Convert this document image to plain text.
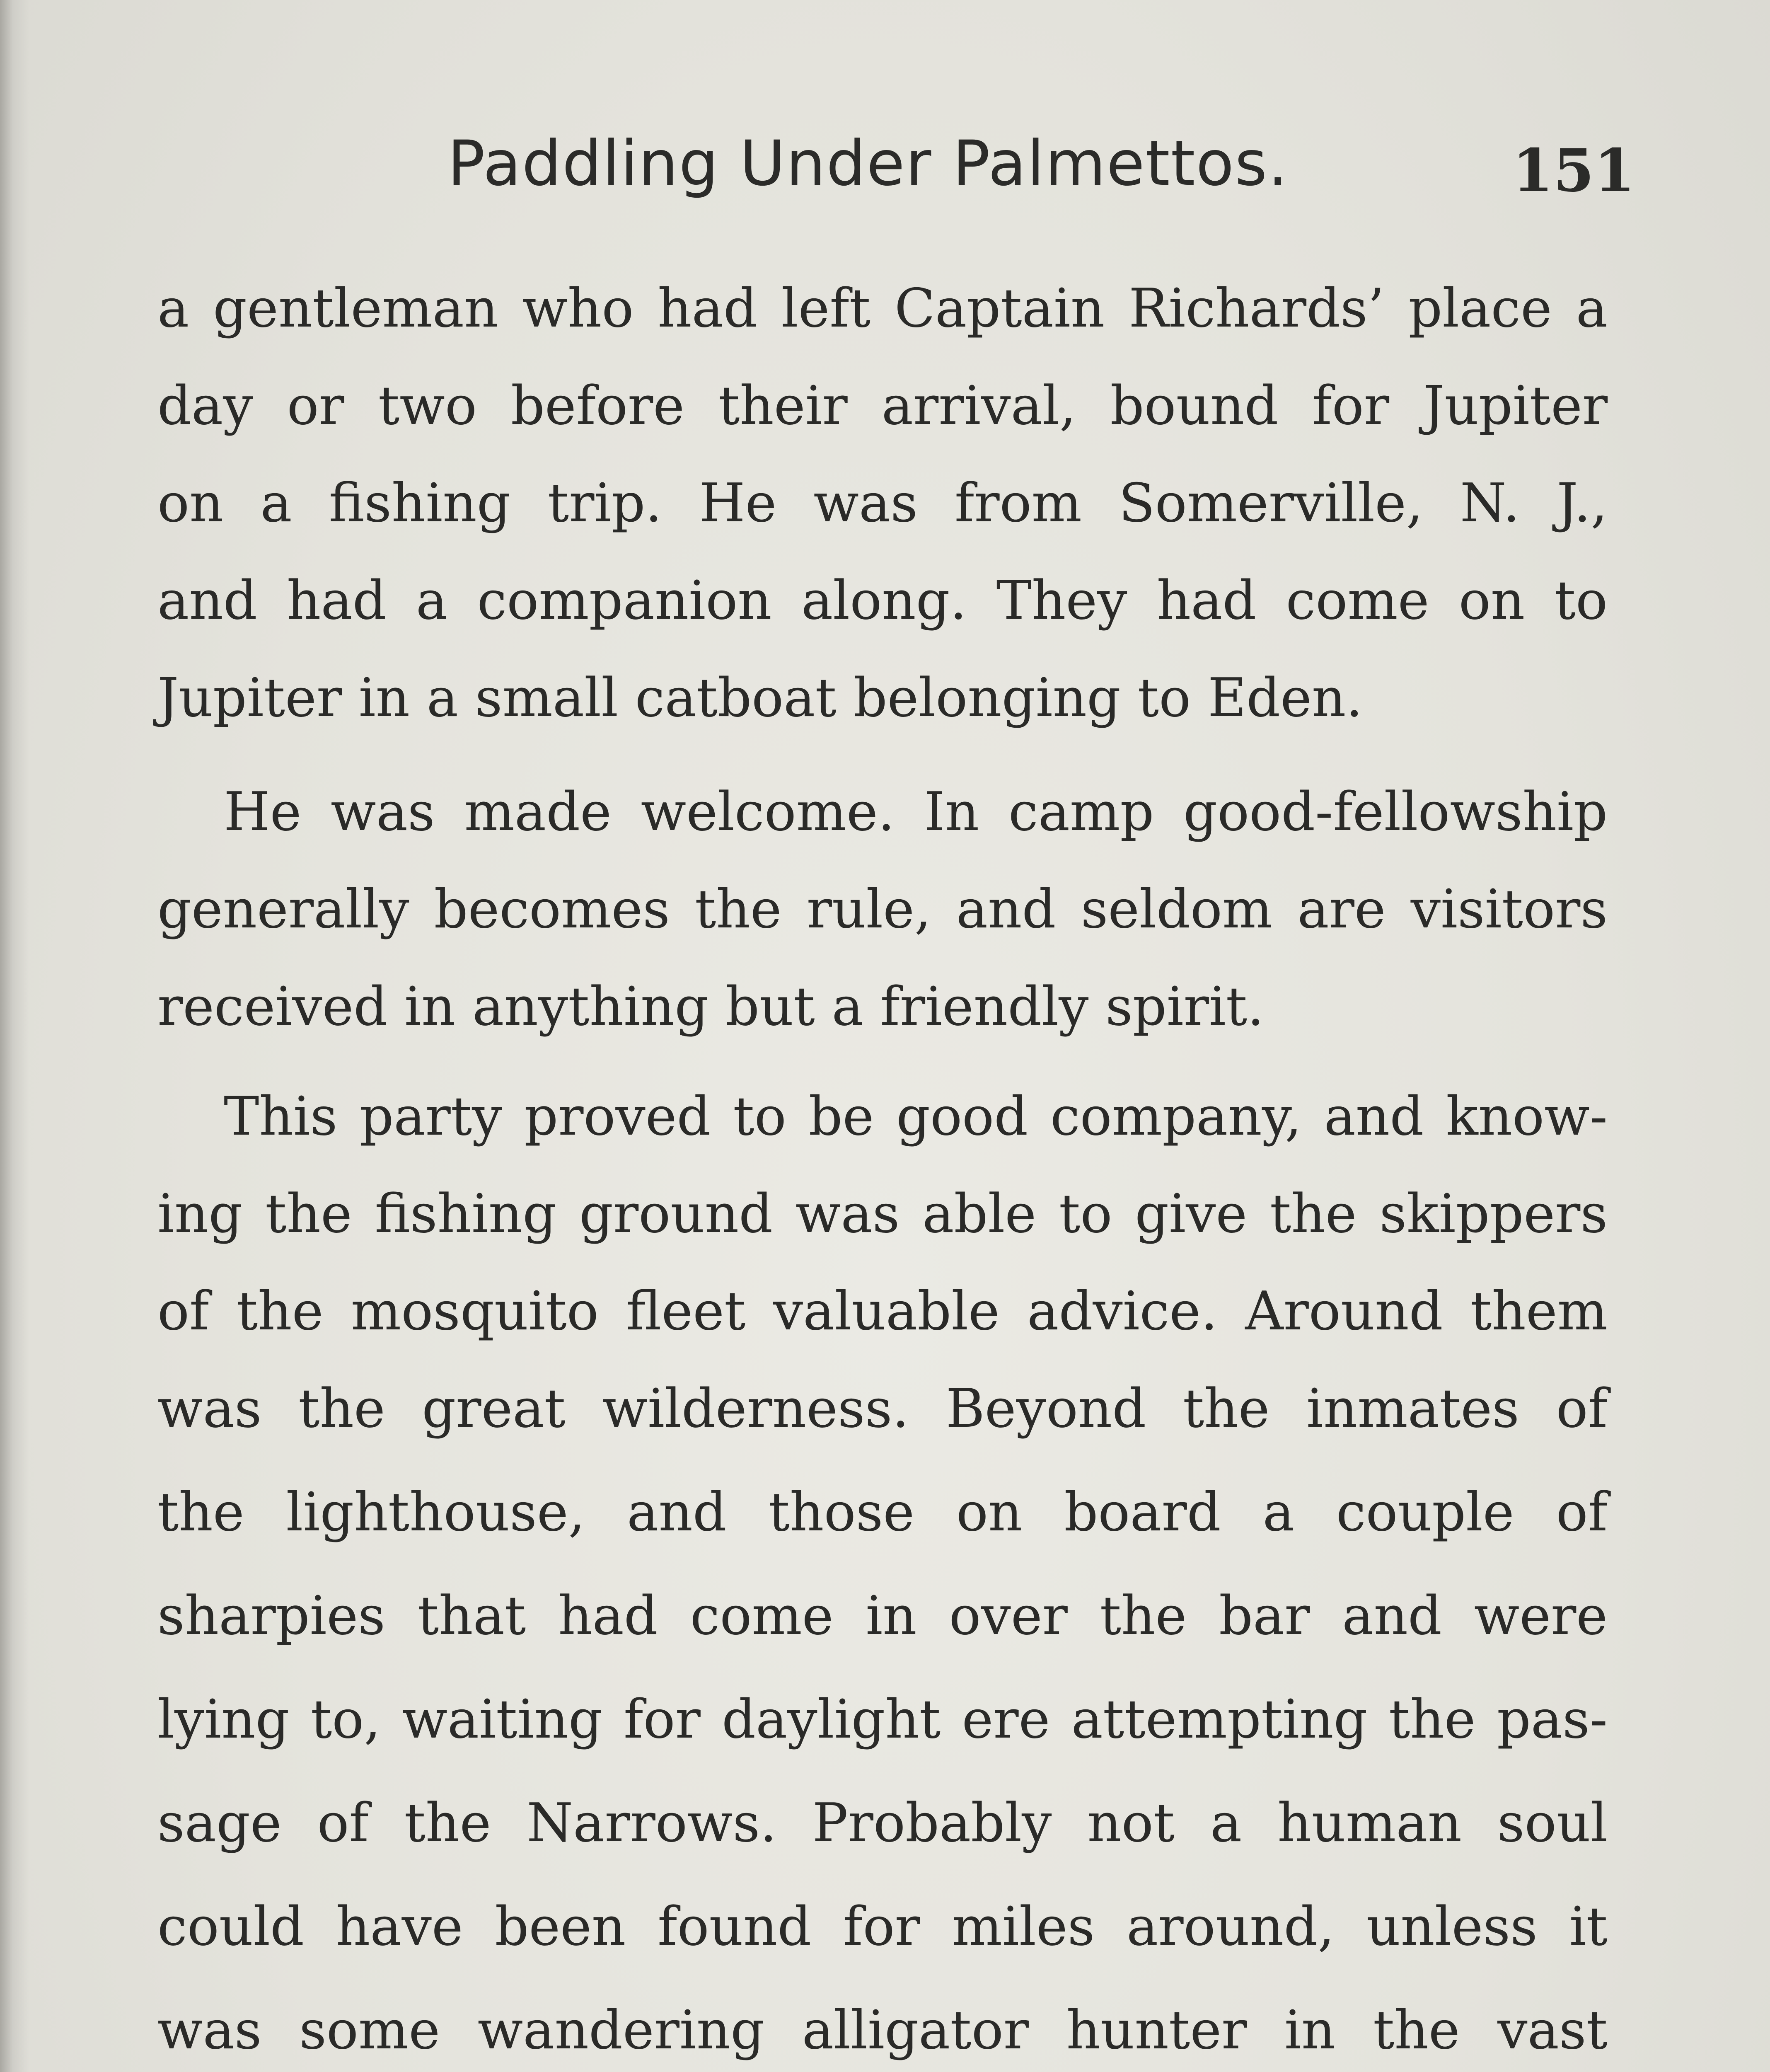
Paddling Under Palmettos.	151
a gentleman who had left Captain Richards’ place a
day or two before their arrival, bound for Jupiter
on a fishing trip. He was from Somerville, N. J.,
and had a companion along. They had come on to
Jupiter in a small catboat belonging to Eden.
He was made welcome. In camp good-fellowship
generally becomes the rule, and seldom are visitors
received in anything but a friendly spirit.
This party proved to be good company, and know-
ing the fishing ground was able to give the skippers
of the mosquito fleet valuable advice. Around them
was the great wilderness. Beyond the inmates of
the lighthouse, and those on board a couple of
sharpies that had come in over the bar and were
lying to, waiting for daylight ere attempting the pas-
sage of the Narrows. Probably not a human soul
could have been found for miles around, unless it
was some wandering alligator hunter in the vast
